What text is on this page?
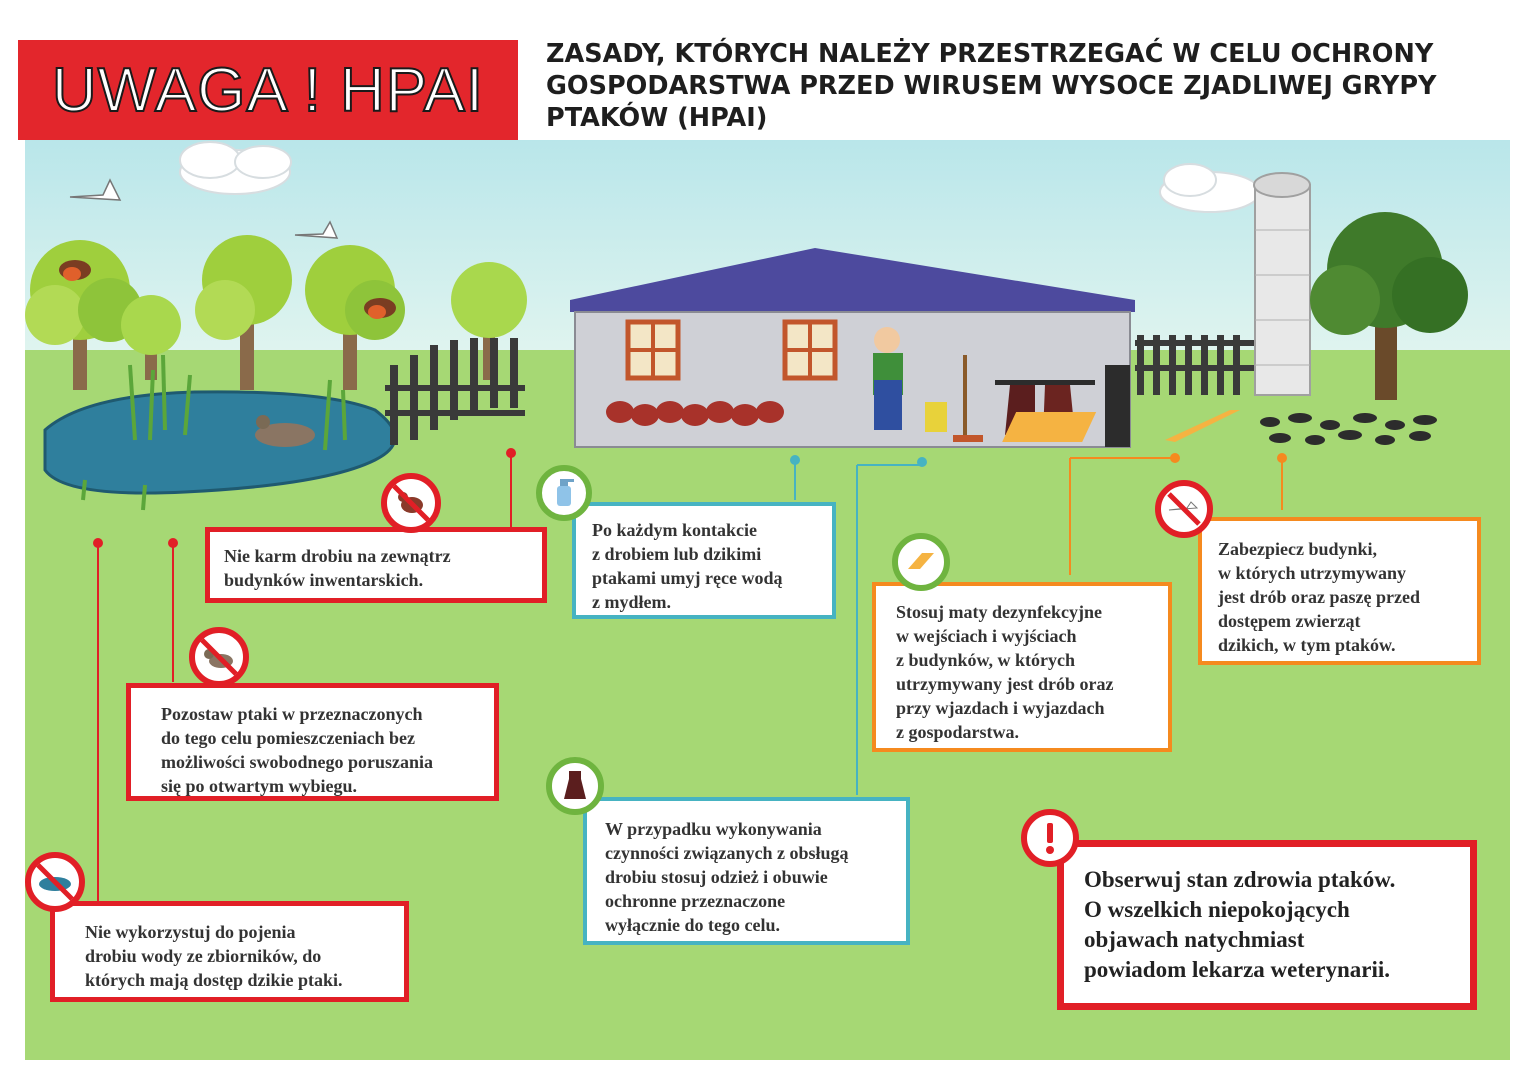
UWAGA ! HPAI
ZASADY, KTÓRYCH NALEŻY PRZESTRZEGAĆ W CELU OCHRONY GOSPODARSTWA PRZED WIRUSEM WYSOCE ZJADLIWEJ GRYPY PTAKÓW (HPAI)
Nie karm drobiu na zewnątrz
budynków inwentarskich.
Po każdym kontakcie
z drobiem lub dzikimi
ptakami umyj ręce wodą
z mydłem.	Stosuj maty dezynfekcyjne
w wejściach i wyjściach
z budynków, w których
utrzymywany jest drób oraz
przy wjazdach i wyjazdach
z gospodarstwa.
Zabezpiecz budynki,
w których utrzymywany
jest drób oraz paszę przed
dostępem zwierząt
dzikich, w tym ptaków.
Pozostaw ptaki w przeznaczonych
do tego celu pomieszczeniach bez
możliwości swobodnego poruszania
się po otwartym wybiegu.
W przypadku wykonywania
czynności związanych z obsługą
drobiu stosuj odzież i obuwie
ochronne przeznaczone
wyłącznie do tego celu.
Nie wykorzystuj do pojenia
drobiu wody ze zbiorników, do
których mają dostęp dzikie ptaki.
Obserwuj stan zdrowia ptaków.
O wszelkich niepokojących
objawach natychmiast
powiadom lekarza weterynarii.
